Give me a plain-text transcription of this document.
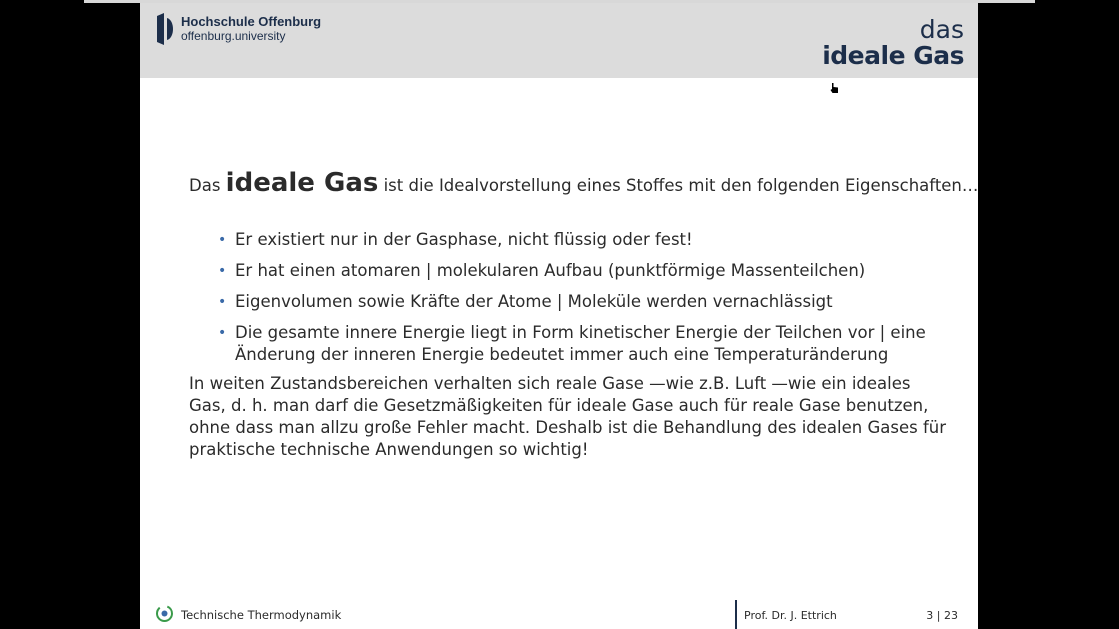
Hochschule Offenburg
offenburg.university	das
ideale Gas
Das ideale Gas ist die Idealvorstellung eines Stoffes mit den folgenden Eigenschaften…
• Er existiert nur in der Gasphase, nicht flüssig oder fest!
• Er hat einen atomaren | molekularen Aufbau (punktförmige Massenteilchen)
• Eigenvolumen sowie Kräfte der Atome | Moleküle werden vernachlässigt
• Die gesamte innere Energie liegt in Form kinetischer Energie der Teilchen vor | eine Änderung der inneren Energie bedeutet immer auch eine Temperaturänderung
In weiten Zustandsbereichen verhalten sich reale Gase —wie z.B. Luft —wie ein ideales Gas, d. h. man darf die Gesetzmäßigkeiten für ideale Gase auch für reale Gase benutzen, ohne dass man allzu große Fehler macht. Deshalb ist die Behandlung des idealen Gases für praktische technische Anwendungen so wichtig!
Technische Thermodynamik	Prof. Dr. J. Ettrich	3 | 23
